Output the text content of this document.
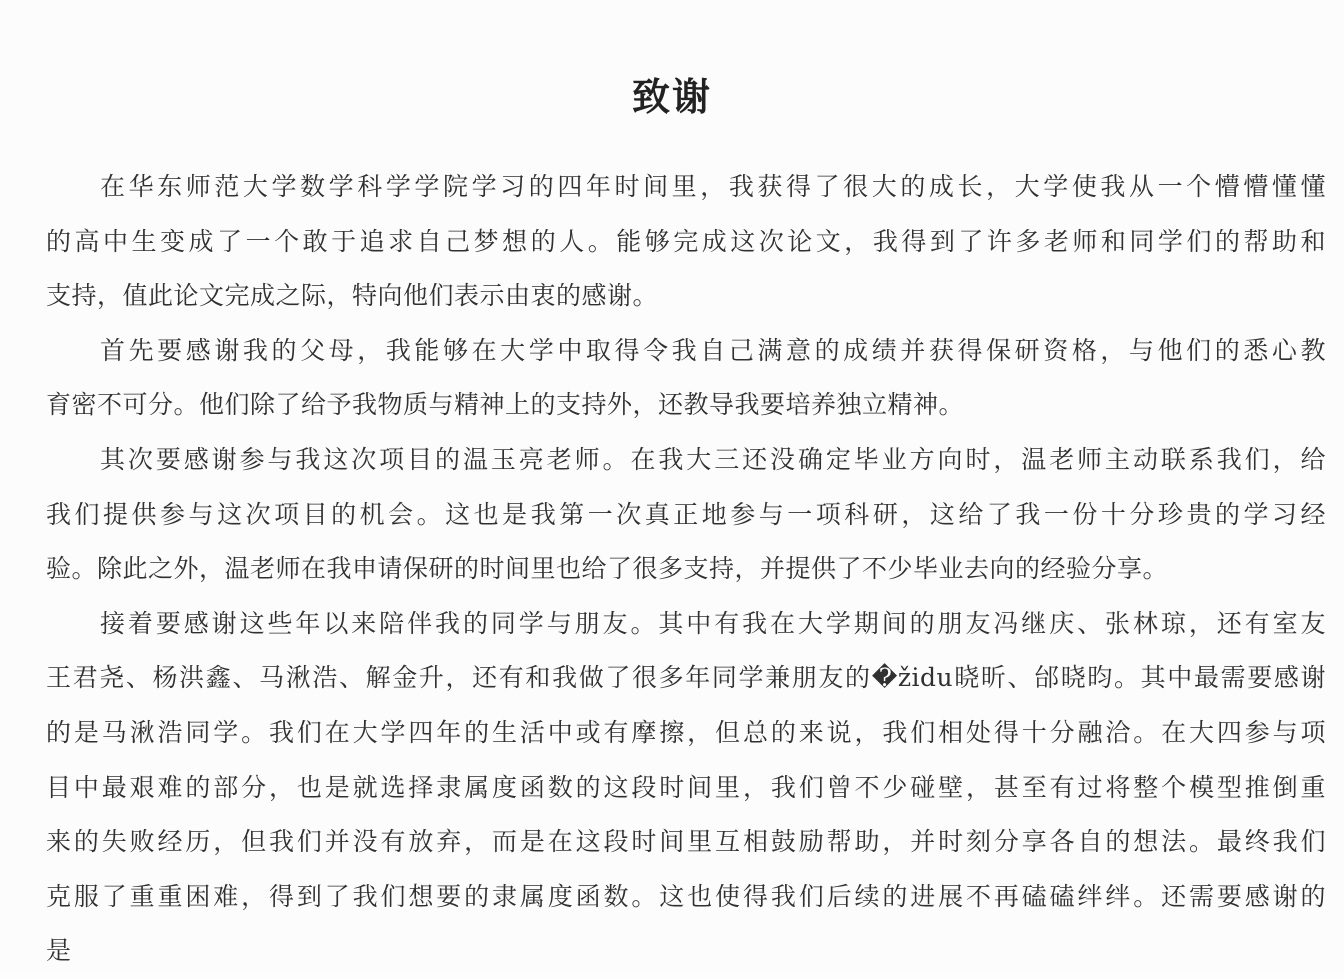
致谢
在华东师范大学数学科学学院学习的四年时间里，我获得了很大的成长，大学使我从一个懵懵懂懂
的高中生变成了一个敢于追求自己梦想的人。能够完成这次论文，我得到了许多老师和同学们的帮助和
支持，值此论文完成之际，特向他们表示由衷的感谢。
首先要感谢我的父母，我能够在大学中取得令我自己满意的成绩并获得保研资格，与他们的悉心教
育密不可分。他们除了给予我物质与精神上的支持外，还教导我要培养独立精神。
其次要感谢参与我这次项目的温玉亮老师。在我大三还没确定毕业方向时，温老师主动联系我们，给
我们提供参与这次项目的机会。这也是我第一次真正地参与一项科研，这给了我一份十分珍贵的学习经
验。除此之外，温老师在我申请保研的时间里也给了很多支持，并提供了不少毕业去向的经验分享。
接着要感谢这些年以来陪伴我的同学与朋友。其中有我在大学期间的朋友冯继庆、张林琼，还有室友
王君尧、杨洪鑫、马湫浩、解金升，还有和我做了很多年同学兼朋友的�židu晓昕、邰晓昀。其中最需要感谢
的是马湫浩同学。我们在大学四年的生活中或有摩擦，但总的来说，我们相处得十分融洽。在大四参与项
目中最艰难的部分，也是就选择隶属度函数的这段时间里，我们曾不少碰壁，甚至有过将整个模型推倒重
来的失败经历，但我们并没有放弃，而是在这段时间里互相鼓励帮助，并时刻分享各自的想法。最终我们
克服了重重困难，得到了我们想要的隶属度函数。这也使得我们后续的进展不再磕磕绊绊。还需要感谢的
是
